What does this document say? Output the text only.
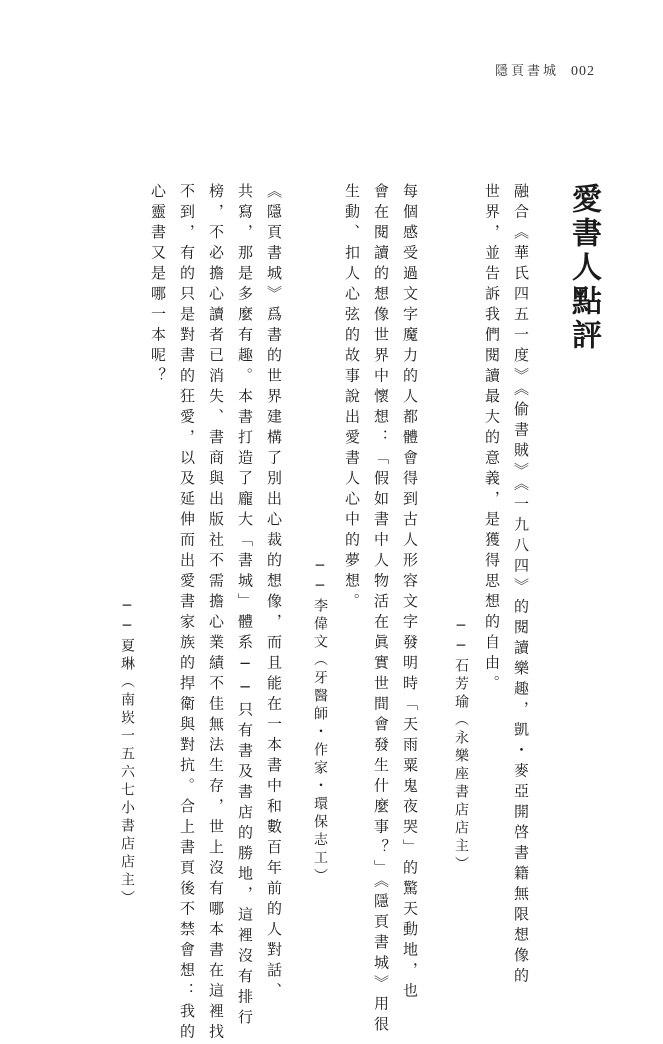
隱頁書城 002
愛書人點評
融合《華氏四五一度》《偷書賊》《一九八四》的閱讀樂趣，凱・麥亞開啓書籍無限想像的
世界，並告訴我們閱讀最大的意義，是獲得思想的自由。
──石芳瑜（永樂座書店店主）
每個感受過文字魔力的人都體會得到古人形容文字發明時「天雨粟鬼夜哭」的驚天動地，也
會在閱讀的想像世界中懷想：「假如書中人物活在眞實世間會發生什麼事？」《隱頁書城》用很
生動、扣人心弦的故事說出愛書人心中的夢想。
──李偉文（牙醫師・作家・環保志工）
《隱頁書城》爲書的世界建構了別出心裁的想像，而且能在一本書中和數百年前的人對話、
共寫，那是多麼有趣。本書打造了龐大「書城」體系──只有書及書店的勝地，這裡沒有排行
榜，不必擔心讀者已消失、書商與出版社不需擔心業績不佳無法生存，世上沒有哪本書在這裡找
不到，有的只是對書的狂愛，以及延伸而出愛書家族的捍衛與對抗。合上書頁後不禁會想：我的
心靈書又是哪一本呢？
──夏琳（南崁一五六七小書店店主）
